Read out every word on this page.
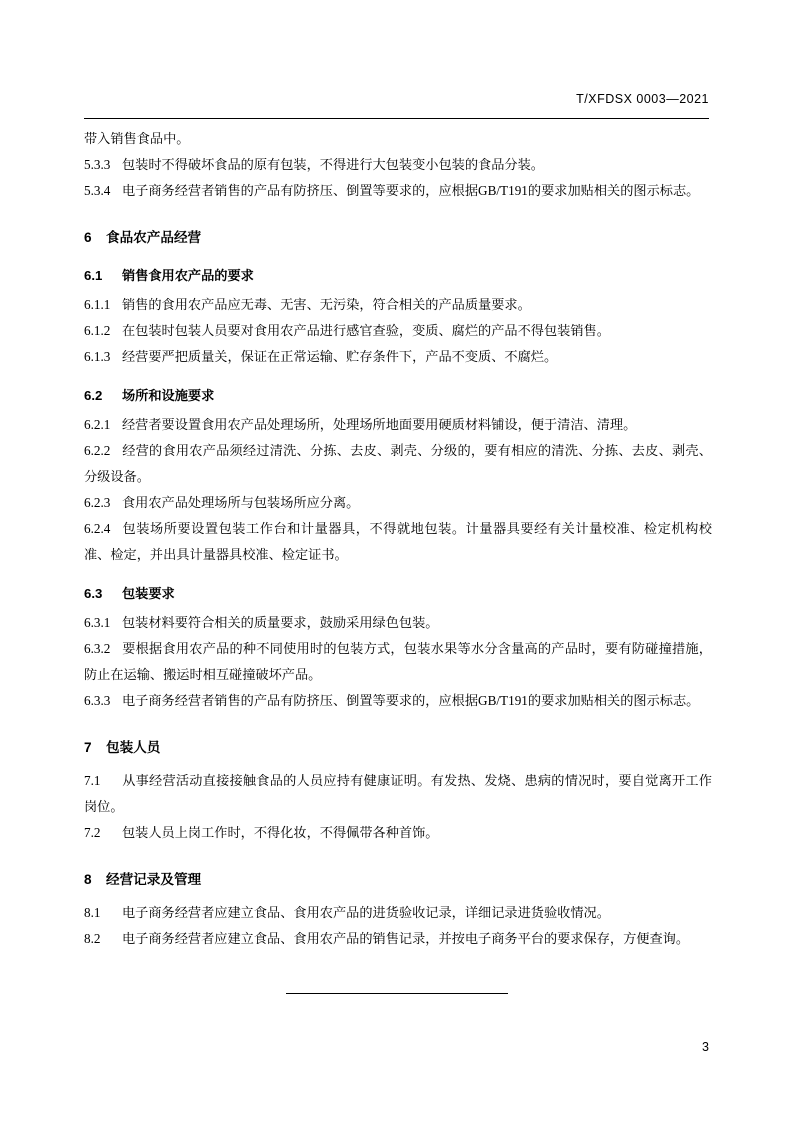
T/XFDSX 0003—2021

带入销售食品中。

5.3.3 包装时不得破坏食品的原有包装，不得进行大包装变小包装的食品分装。

5.3.4 电子商务经营者销售的产品有防挤压、倒置等要求的，应根据GB/T191的要求加贴相关的图示标志。

6 食品农产品经营

6.1 销售食用农产品的要求

6.1.1 销售的食用农产品应无毒、无害、无污染，符合相关的产品质量要求。

6.1.2 在包装时包装人员要对食用农产品进行感官查验，变质、腐烂的产品不得包装销售。

6.1.3 经营要严把质量关，保证在正常运输、贮存条件下，产品不变质、不腐烂。

6.2 场所和设施要求

6.2.1 经营者要设置食用农产品处理场所，处理场所地面要用硬质材料铺设，便于清洁、清理。

6.2.2 经营的食用农产品须经过清洗、分拣、去皮、剥壳、分级的，要有相应的清洗、分拣、去皮、剥壳、分级设备。

6.2.3 食用农产品处理场所与包装场所应分离。

6.2.4 包装场所要设置包装工作台和计量器具，不得就地包装。计量器具要经有关计量校准、检定机构校准、检定，并出具计量器具校准、检定证书。

6.3 包装要求

6.3.1 包装材料要符合相关的质量要求，鼓励采用绿色包装。

6.3.2 要根据食用农产品的种不同使用时的包装方式，包装水果等水分含量高的产品时，要有防碰撞措施，防止在运输、搬运时相互碰撞破坏产品。

6.3.3 电子商务经营者销售的产品有防挤压、倒置等要求的，应根据GB/T191的要求加贴相关的图示标志。

7 包装人员

7.1 从事经营活动直接接触食品的人员应持有健康证明。有发热、发烧、患病的情况时，要自觉离开工作岗位。

7.2 包装人员上岗工作时，不得化妆，不得佩带各种首饰。

8 经营记录及管理

8.1 电子商务经营者应建立食品、食用农产品的进货验收记录，详细记录进货验收情况。

8.2 电子商务经营者应建立食品、食用农产品的销售记录，并按电子商务平台的要求保存，方便查询。

3
